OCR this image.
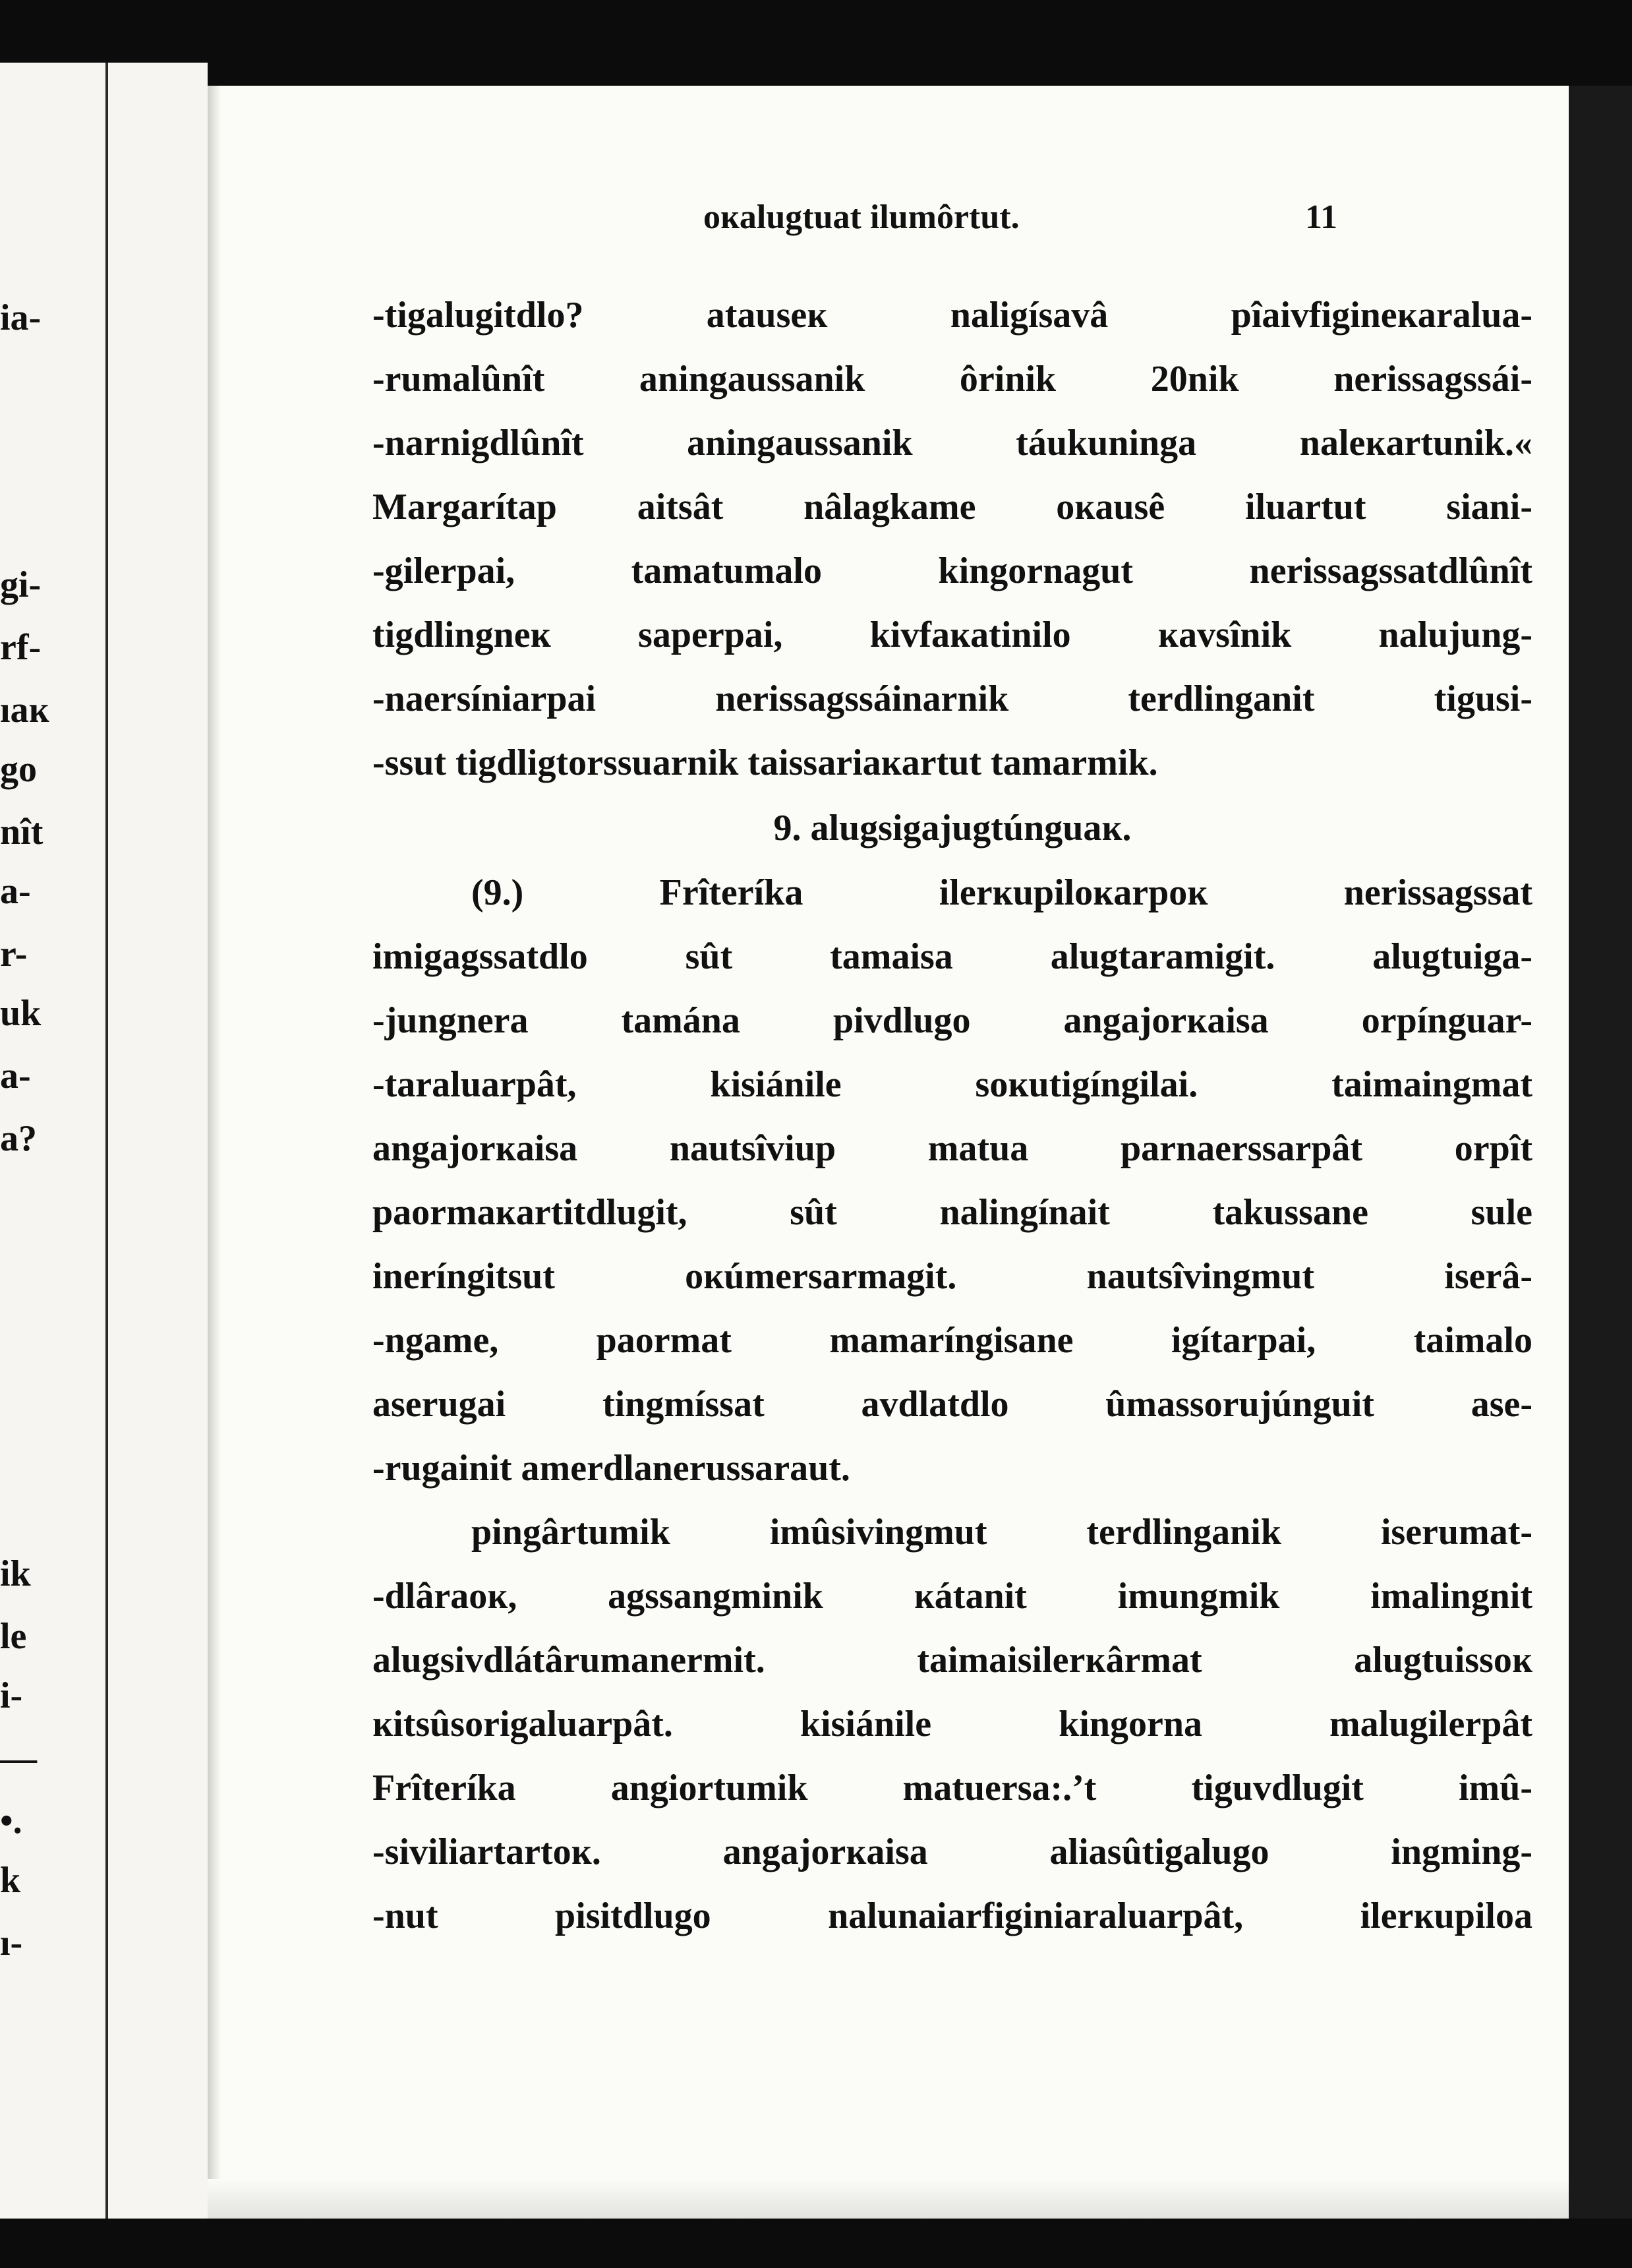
ia-
gi-
rf-
ıaĸ
go
nît
a-
r-
uk
a-
a?
ik
le
i-
—
•.
k
ı-
oĸalugtuat ilumôrtut.	11
-tigalugitdlo? atauseĸ naligísavâ pîaivfigineĸaralua-
-rumalûnît aningaussanik ôrinik 20nik nerissagssái-
-narnigdlûnît aningaussanik táukuninga naleĸartunik.«
Margarítap aitsât nâlagkame oĸausê iluartut siani-
-gilerpai, tamatumalo kingornagut nerissagssatdlûnît
tigdlingneĸ saperpai, kivfaĸatinilo ĸavsînik nalujung-
-naersíniarpai nerissagssáinarnik terdlinganit tigusi-
-ssut tigdligtorssuarnik taissariaĸartut tamarmik.
9. alugsigajugtúnguaĸ.
(9.) Frîteríka ilerĸupiloĸarpoĸ nerissagssat
imigagssatdlo sût tamaisa alugtaramigit. alugtuiga-
-jungnera tamána pivdlugo angajorĸaisa orpínguar-
-taraluarpât, kisiánile soĸutigíngilai. taimaingmat
angajorĸaisa nautsîviup matua parnaerssarpât orpît
paormaĸartitdlugit, sût nalingínait takussane sule
ineríngitsut oĸúmersarmagit. nautsîvingmut iserâ-
-ngame, paormat mamaríngisane igítarpai, taimalo
aserugai tingmíssat avdlatdlo ûmassorujúnguit ase-
-rugainit amerdlanerussaraut.
pingârtumik imûsivingmut terdlinganik iserumat-
-dlâraoĸ, agssangminik ĸátanit imungmik imalingnit
alugsivdlátârumanermit. taimaisilerĸârmat alugtuissoĸ
ĸitsûsorigaluarpât. kisiánile kingorna malugilerpât
Frîteríka angiortumik matuersa:.ʼt tiguvdlugit imû-
-siviliartartoĸ. angajorĸaisa aliasûtigalugo ingming-
-nut pisitdlugo nalunaiarfiginiaraluarpât, ilerĸupiloa
